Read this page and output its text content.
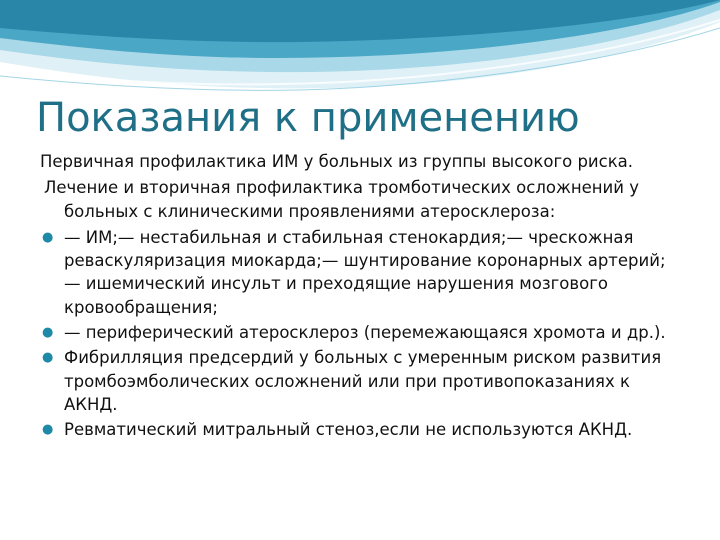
Показания к применению

Первичная профилактика ИМ у больных из группы высокого риска.

Лечение и вторичная профилактика тромботических осложнений у больных с клиническими проявлениями атеросклероза:

● — ИМ;— нестабильная и стабильная стенокардия;— чрескожная реваскуляризация миокарда;— шунтирование коронарных артерий;— ишемический инсульт и преходящие нарушения мозгового кровообращения;
● — периферический атеросклероз (перемежающаяся хромота и др.).
● Фибрилляция предсердий у больных с умеренным риском развития тромбоэмболических осложнений или при противопоказаниях к АКНД.
● Ревматический митральный стеноз,если не используются АКНД.
